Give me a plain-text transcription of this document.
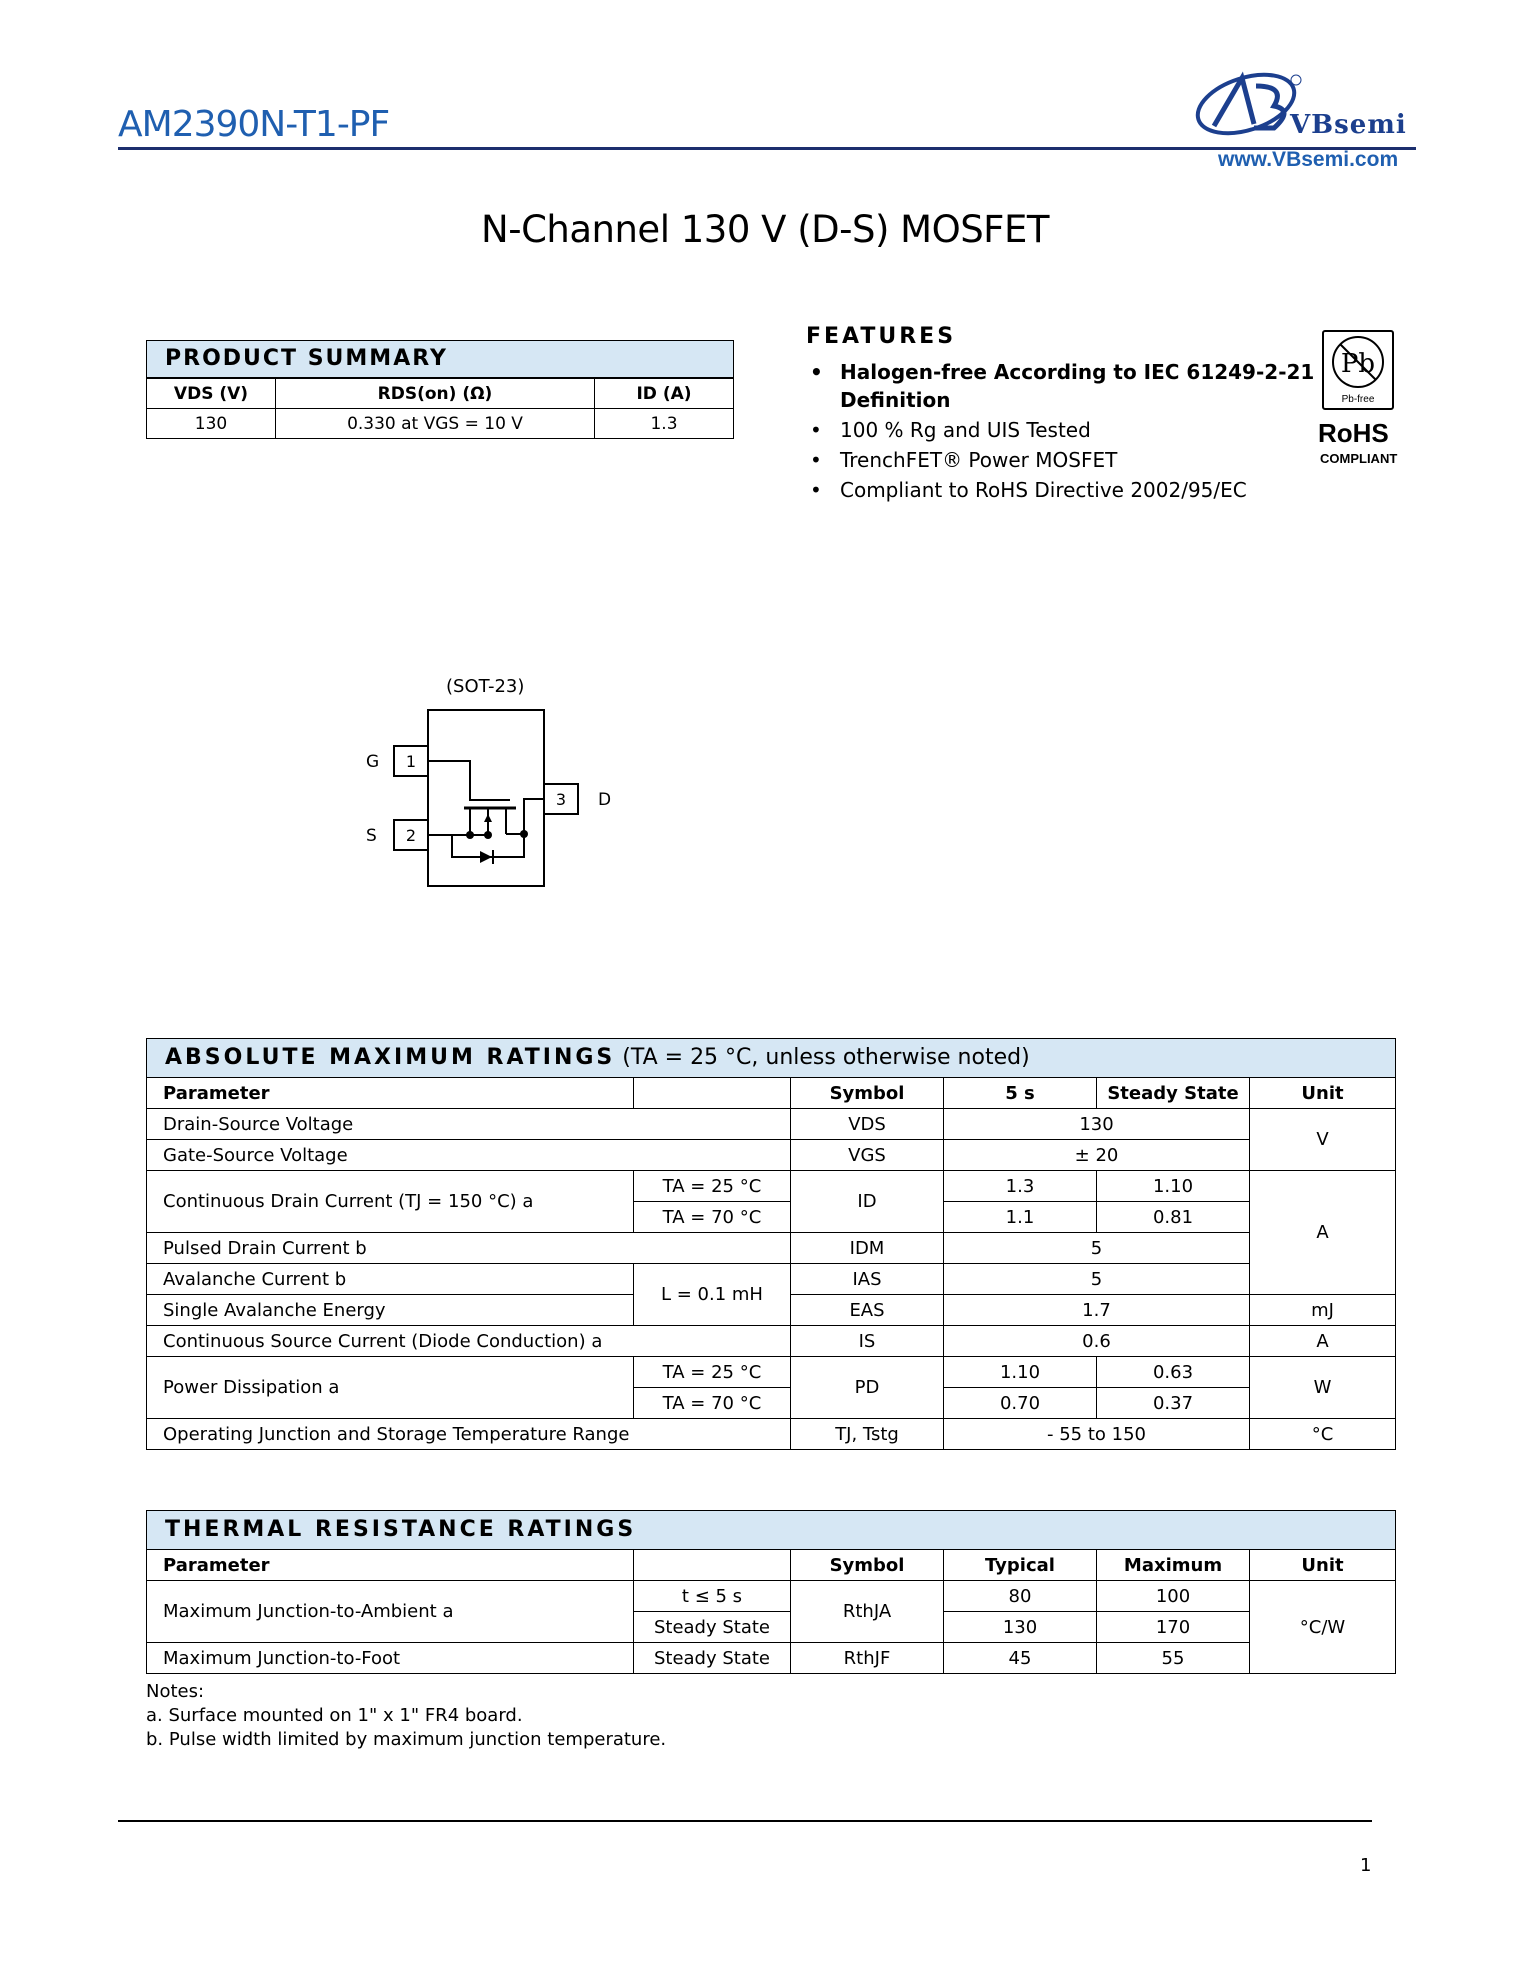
AM2390N-T1-PF	VBsemi
www.VBsemi.com
N-Channel 130 V (D-S) MOSFET
PRODUCT SUMMARY
VDS (V)	RDS(on) (Ω)	ID (A)
130	0.330 at VGS = 10 V	1.3
FEATURES
• Halogen-free According to IEC 61249-2-21 Definition
• 100 % Rg and UIS Tested
• TrenchFET® Power MOSFET
• Compliant to RoHS Directive 2002/95/EC
Pb
Pb-free
RoHS
COMPLIANT
(SOT-23)
1
2
3
G
S
D
ABSOLUTE MAXIMUM RATINGS (TA = 25 °C, unless otherwise noted)
Parameter		Symbol	5 s	Steady State	Unit
Drain-Source Voltage		VDS	130		V
Gate-Source Voltage		VGS	± 20		
Continuous Drain Current (TJ = 150 °C) a	TA = 25 °C	ID	1.3	1.10	A
	TA = 70 °C		1.1	0.81	
Pulsed Drain Current b		IDM	5		
Avalanche Current b	L = 0.1 mH	IAS	5		
Single Avalanche Energy		EAS	1.7		mJ
Continuous Source Current (Diode Conduction) a		IS	0.6		A
Power Dissipation a	TA = 25 °C	PD	1.10	0.63	W
	TA = 70 °C		0.70	0.37	
Operating Junction and Storage Temperature Range		TJ, Tstg	- 55 to 150		°C
THERMAL RESISTANCE RATINGS
Parameter		Symbol	Typical	Maximum	Unit
Maximum Junction-to-Ambient a	t ≤ 5 s	RthJA	80	100	°C/W
	Steady State		130	170	
Maximum Junction-to-Foot	Steady State	RthJF	45	55	
Notes:
a. Surface mounted on 1" x 1" FR4 board.
b. Pulse width limited by maximum junction temperature.
1
